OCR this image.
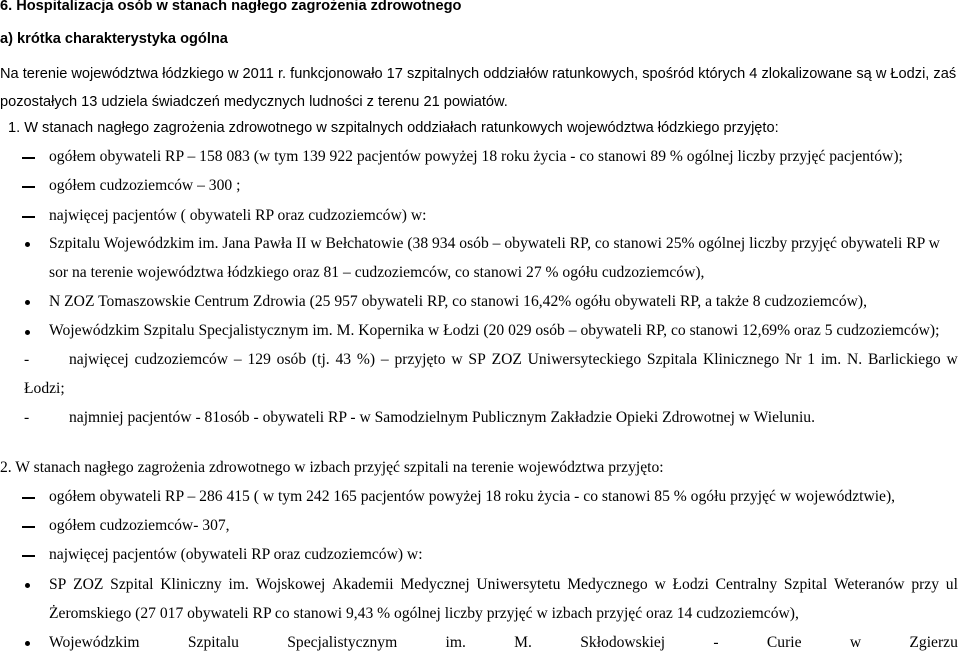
6. Hospitalizacja osób w stanach nagłego zagrożenia zdrowotnego
a) krótka charakterystyka ogólna
Na terenie województwa łódzkiego w 2011 r. funkcjonowało 17 szpitalnych oddziałów ratunkowych, spośród których 4 zlokalizowane są w Łodzi, zaś
pozostałych 13 udziela świadczeń medycznych ludności z terenu 21 powiatów.
1. W stanach nagłego zagrożenia zdrowotnego w szpitalnych oddziałach ratunkowych województwa łódzkiego przyjęto:
ogółem obywateli RP – 158 083 (w tym 139 922 pacjentów powyżej 18 roku życia - co stanowi 89 % ogólnej liczby przyjęć pacjentów);
ogółem cudzoziemców – 300 ;
najwięcej pacjentów ( obywateli RP oraz cudzoziemców) w:
Szpitalu Wojewódzkim im. Jana Pawła II w Bełchatowie (38 934 osób – obywateli RP, co stanowi 25% ogólnej liczby przyjęć obywateli RP w
sor na terenie województwa łódzkiego oraz 81 – cudzoziemców, co stanowi 27 % ogółu cudzoziemców),
N ZOZ Tomaszowskie Centrum Zdrowia (25 957 obywateli RP, co stanowi 16,42% ogółu obywateli RP, a także 8 cudzoziemców),
Wojewódzkim Szpitalu Specjalistycznym im. M. Kopernika w Łodzi (20 029 osób – obywateli RP, co stanowi 12,69% oraz 5 cudzoziemców);
-	najwięcej cudzoziemców – 129 osób (tj. 43 %) – przyjęto w SP ZOZ Uniwersyteckiego Szpitala Klinicznego Nr 1 im. N. Barlickiego w
Łodzi;
-	najmniej pacjentów - 81osób - obywateli RP - w Samodzielnym Publicznym Zakładzie Opieki Zdrowotnej w Wieluniu.
2. W stanach nagłego zagrożenia zdrowotnego w izbach przyjęć szpitali na terenie województwa przyjęto:
ogółem obywateli RP – 286 415 ( w tym 242 165 pacjentów powyżej 18 roku życia - co stanowi 85 % ogółu przyjęć w województwie),
ogółem cudzoziemców- 307,
najwięcej pacjentów (obywateli RP oraz cudzoziemców) w:
SP ZOZ Szpital Kliniczny im. Wojskowej Akademii Medycznej Uniwersytetu Medycznego w Łodzi Centralny Szpital Weteranów przy ul
Żeromskiego (27 017 obywateli RP co stanowi 9,43 % ogólnej liczby przyjęć w izbach przyjęć oraz 14 cudzoziemców),
Wojewódzkim	Szpitalu	Specjalistycznym	im.	M.	Skłodowskiej	-	Curie	w	Zgierzu
